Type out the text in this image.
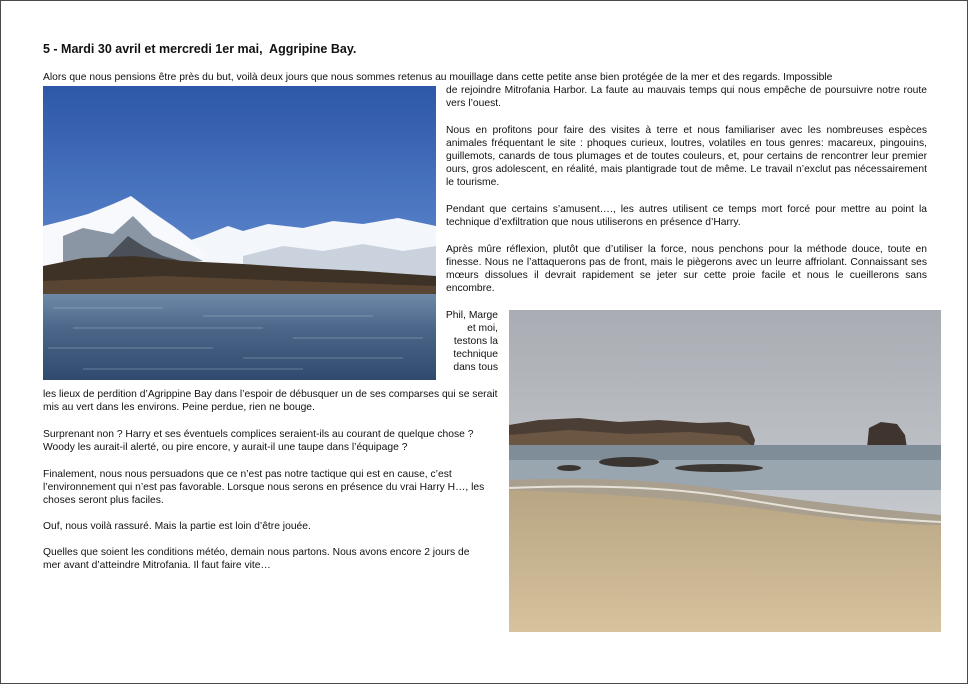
5 - Mardi 30 avril et mercredi 1er mai,  Aggripine Bay.

Alors que nous pensions être près du but, voilà deux jours que nous sommes retenus au mouillage dans cette petite anse bien protégée de la mer et des regards. Impossible

de rejoindre Mitrofania Harbor. La faute au mauvais temps qui nous empêche de poursuivre notre route vers l’ouest.

Nous en profitons pour faire des visites à terre et nous familiariser avec les nombreuses espèces animales fréquentant le site : phoques curieux, loutres, volatiles en tous genres: macareux, pingouins, guillemots, canards de tous plumages et de toutes couleurs, et, pour certains de rencontrer leur premier ours, gros adolescent, en réalité, mais plantigrade tout de même. Le travail n’exclut pas nécessairement le tourisme.

Pendant que certains s’amusent…., les autres utilisent ce temps mort forcé pour mettre au point la technique d’exfiltration que nous utiliserons en présence d’Harry.

Après mûre réflexion, plutôt que d’utiliser la force, nous penchons pour la méthode douce, toute en finesse. Nous ne l’attaquerons pas de front, mais le piègerons avec un leurre affriolant. Connaissant ses mœurs dissolues il devrait rapidement se jeter sur cette proie facile et nous le cueillerons sans encombre.

Phil, Marge et moi, testons la technique dans tous

les lieux de perdition d’Agrippine Bay dans l’espoir de débusquer un de ses comparses qui se serait mis au vert dans les environs. Peine perdue, rien ne bouge.

Surprenant non ? Harry et ses éventuels complices seraient-ils au courant de quelque chose ? Woody les aurait-il alerté, ou pire encore, y aurait-il une taupe dans l’équipage ?

Finalement, nous nous persuadons que ce n’est pas notre tactique qui est en cause, c’est l’environnement qui n’est pas favorable. Lorsque nous serons en présence du vrai Harry H…, les choses seront plus faciles.

Ouf, nous voilà rassuré. Mais la partie est loin d’être jouée.

Quelles que soient les conditions météo, demain nous partons. Nous avons encore 2 jours de mer avant d’atteindre Mitrofania. Il faut faire vite…
